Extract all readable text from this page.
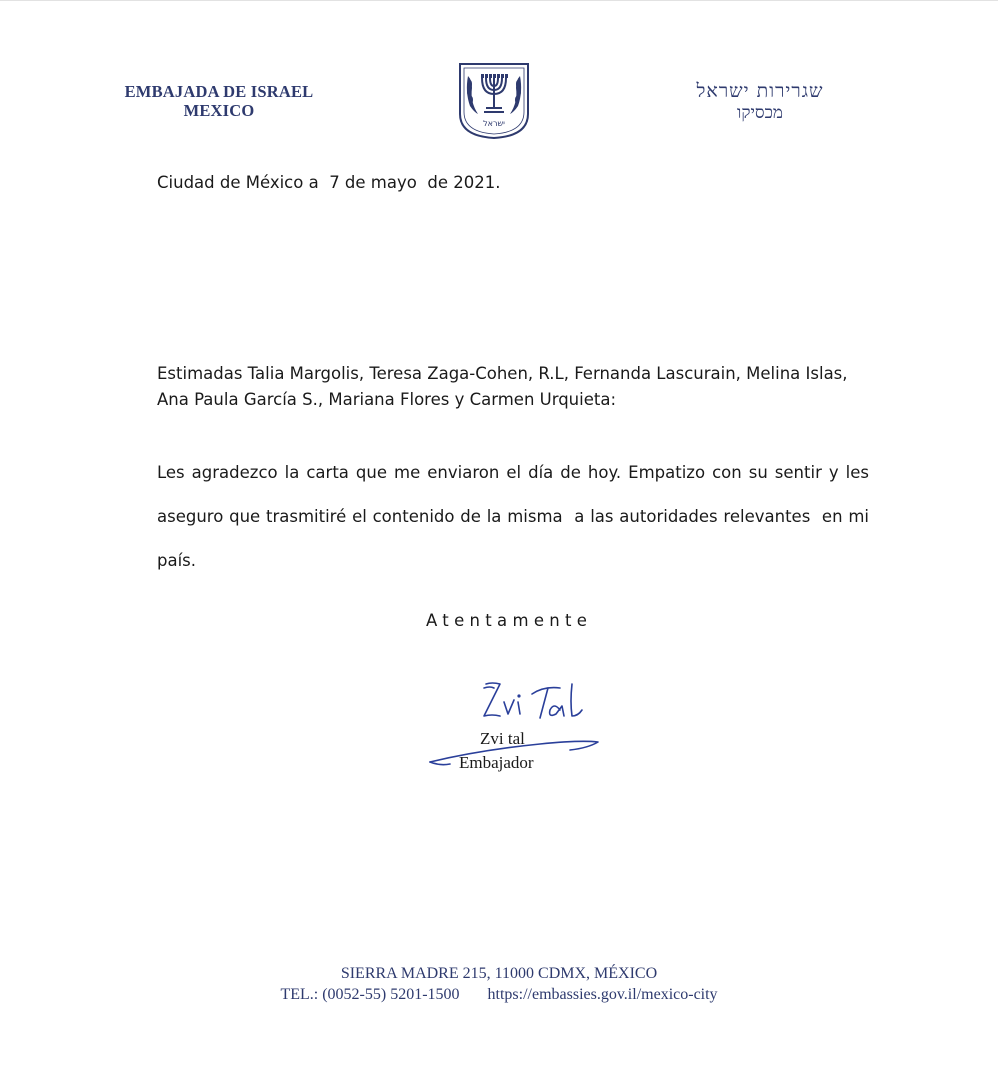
EMBAJADA DE ISRAEL
MEXICO
ישראל
שגרירות ישראל
מכסיקו
Ciudad de México a  7 de mayo  de 2021.
Estimadas Talia Margolis, Teresa Zaga-Cohen, R.L, Fernanda Lascurain, Melina Islas, Ana Paula García S., Mariana Flores y Carmen Urquieta:
Les agradezco la carta que me enviaron el día de hoy. Empatizo con su sentir y les aseguro que trasmitiré el contenido de la misma  a las autoridades relevantes  en mi país.
Atentamente
Zvi tal
Embajador
SIERRA MADRE 215, 11000 CDMX, MÉXICO
TEL.: (0052-55) 5201-1500 https://embassies.gov.il/mexico-city
